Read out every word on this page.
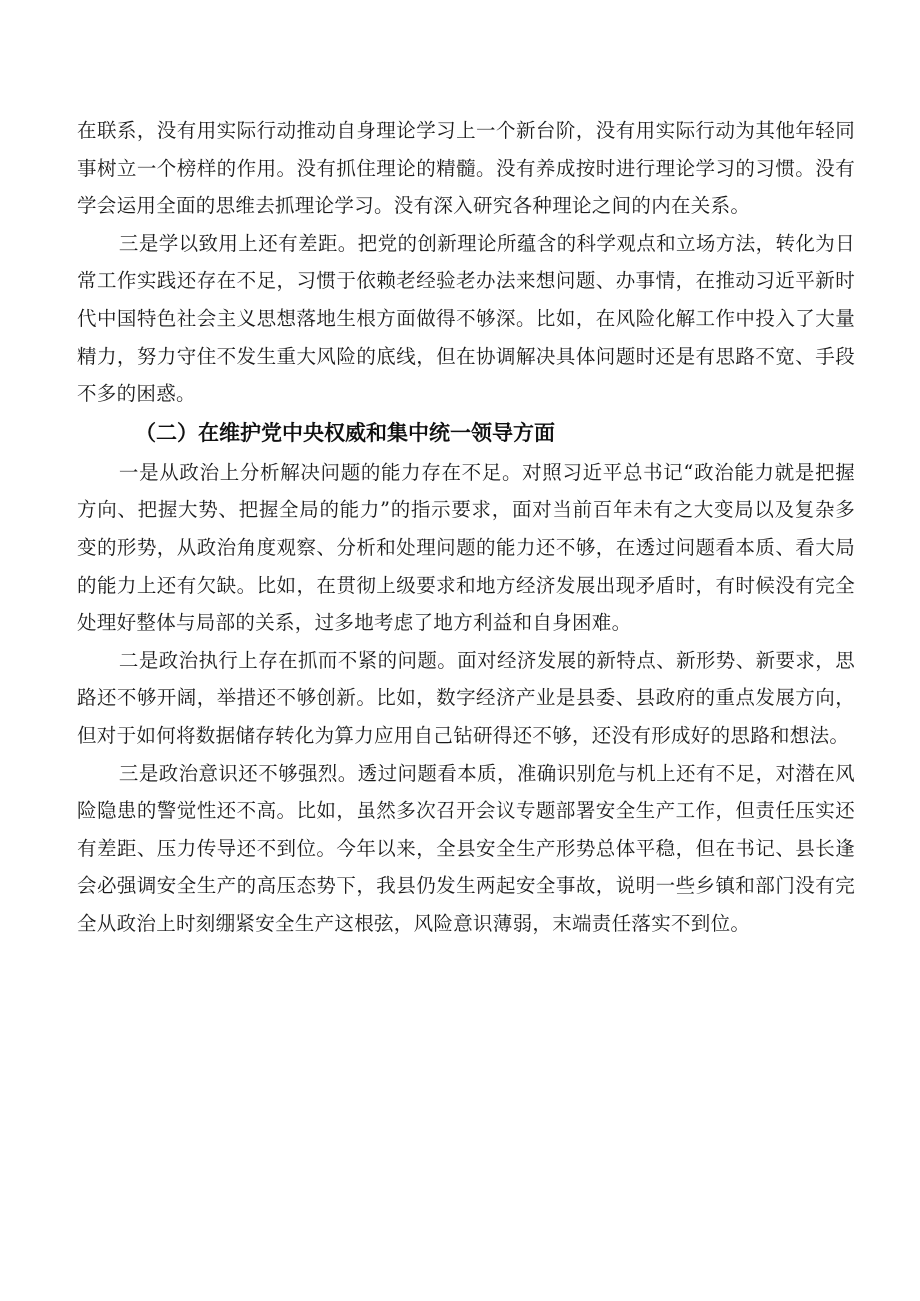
在联系，没有用实际行动推动自身理论学习上一个新台阶，没有用实际行动为其他年轻同事树立一个榜样的作用。没有抓住理论的精髓。没有养成按时进行理论学习的习惯。没有学会运用全面的思维去抓理论学习。没有深入研究各种理论之间的内在关系。

三是学以致用上还有差距。把党的创新理论所蕴含的科学观点和立场方法，转化为日常工作实践还存在不足，习惯于依赖老经验老办法来想问题、办事情，在推动习近平新时代中国特色社会主义思想落地生根方面做得不够深。比如，在风险化解工作中投入了大量精力，努力守住不发生重大风险的底线，但在协调解决具体问题时还是有思路不宽、手段不多的困惑。

（二）在维护党中央权威和集中统一领导方面

一是从政治上分析解决问题的能力存在不足。对照习近平总书记“政治能力就是把握方向、把握大势、把握全局的能力”的指示要求，面对当前百年未有之大变局以及复杂多变的形势，从政治角度观察、分析和处理问题的能力还不够，在透过问题看本质、看大局的能力上还有欠缺。比如，在贯彻上级要求和地方经济发展出现矛盾时，有时候没有完全处理好整体与局部的关系，过多地考虑了地方利益和自身困难。

二是政治执行上存在抓而不紧的问题。面对经济发展的新特点、新形势、新要求，思路还不够开阔，举措还不够创新。比如，数字经济产业是县委、县政府的重点发展方向，但对于如何将数据储存转化为算力应用自己钻研得还不够，还没有形成好的思路和想法。

三是政治意识还不够强烈。透过问题看本质，准确识别危与机上还有不足，对潜在风险隐患的警觉性还不高。比如，虽然多次召开会议专题部署安全生产工作，但责任压实还有差距、压力传导还不到位。今年以来，全县安全生产形势总体平稳，但在书记、县长逢会必强调安全生产的高压态势下，我县仍发生两起安全事故，说明一些乡镇和部门没有完全从政治上时刻绷紧安全生产这根弦，风险意识薄弱，末端责任落实不到位。
